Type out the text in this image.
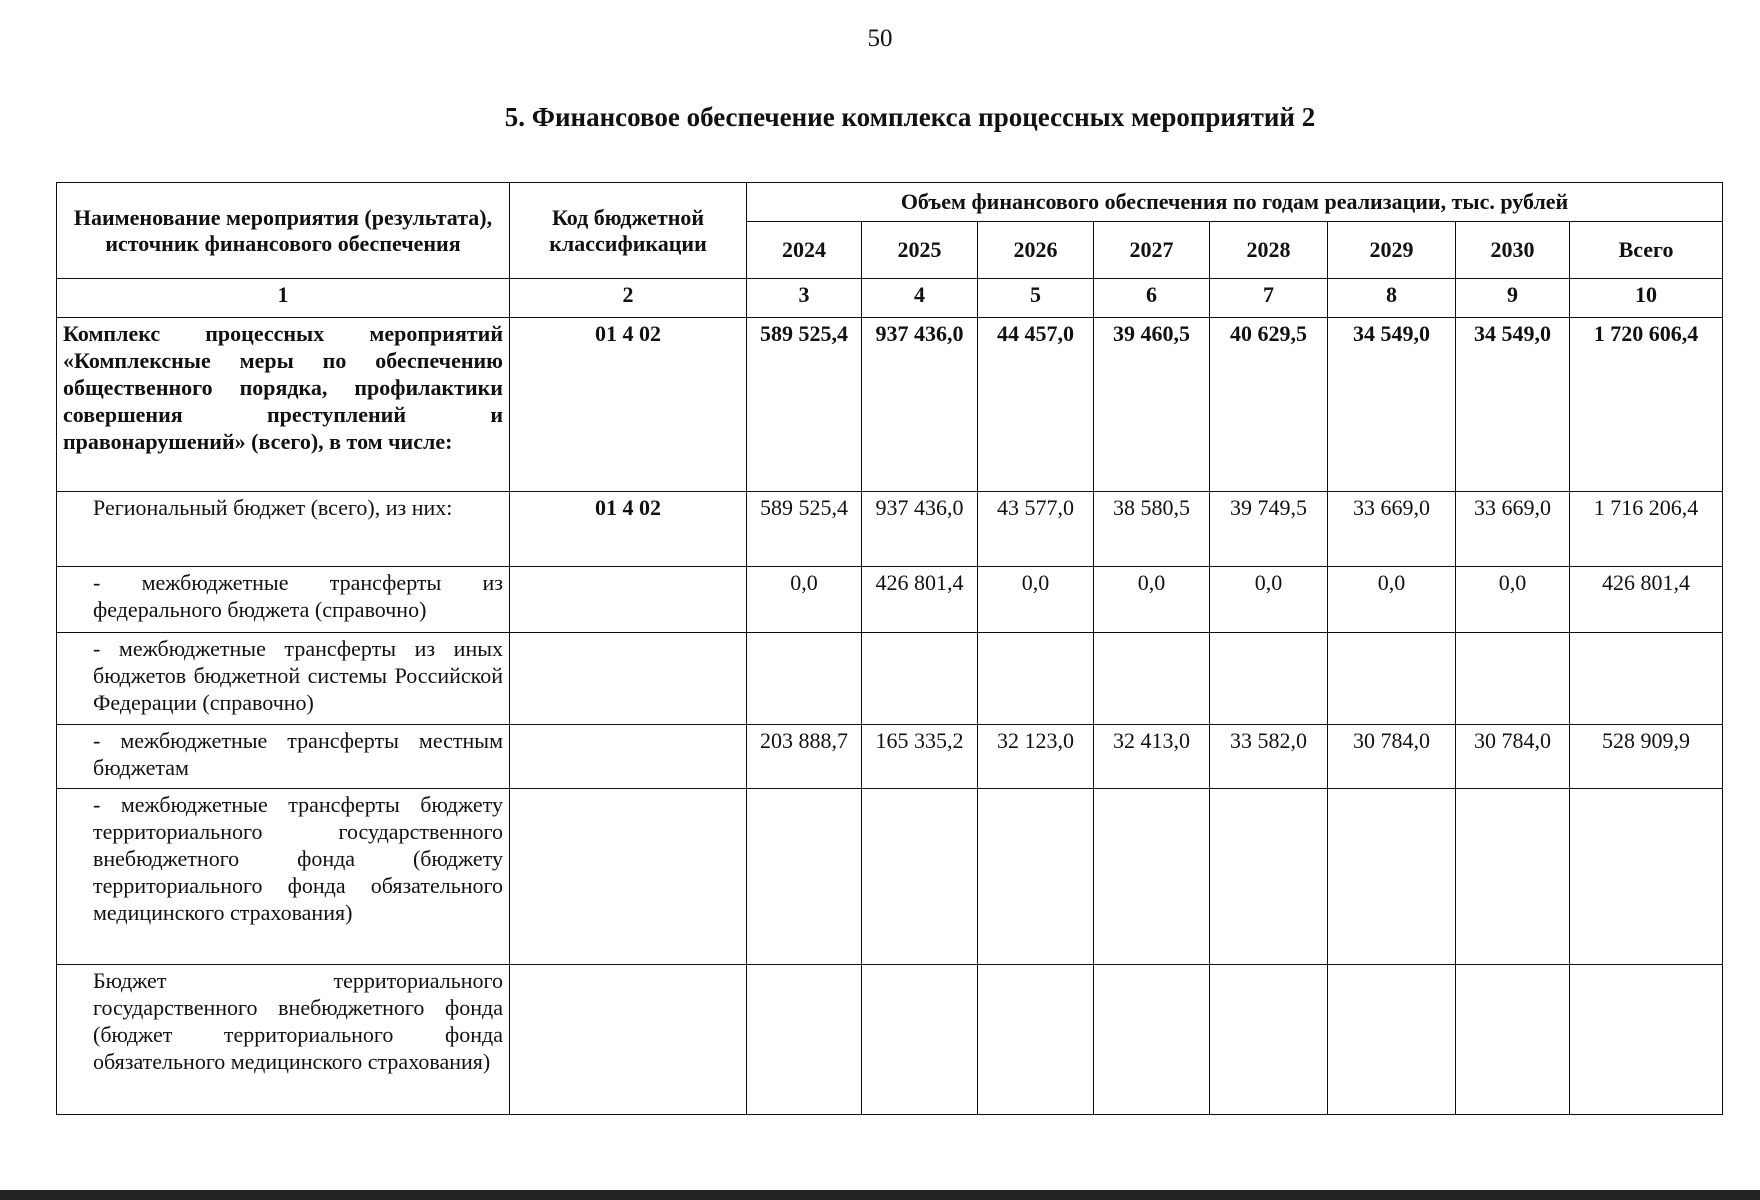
50
5. Финансовое обеспечение комплекса процессных мероприятий 2
Наименование мероприятия (результата), источник финансового обеспечения	Код бюджетной классификации	Объем финансового обеспечения по годам реализации, тыс. рублей							
		2024	2025	2026	2027	2028	2029	2030	Всего
1	2	3	4	5	6	7	8	9	10
Комплекс процессных мероприятий «Комплексные меры по обеспечению общественного порядка, профилактики совершения преступлений и правонарушений» (всего), в том числе:	01 4 02	589 525,4	937 436,0	44 457,0	39 460,5	40 629,5	34 549,0	34 549,0	1 720 606,4
Региональный бюджет (всего), из них:	01 4 02	589 525,4	937 436,0	43 577,0	38 580,5	39 749,5	33 669,0	33 669,0	1 716 206,4
- межбюджетные трансферты из федерального бюджета (справочно)		0,0	426 801,4	0,0	0,0	0,0	0,0	0,0	426 801,4
- межбюджетные трансферты из иных бюджетов бюджетной системы Российской Федерации (справочно)									
- межбюджетные трансферты местным бюджетам		203 888,7	165 335,2	32 123,0	32 413,0	33 582,0	30 784,0	30 784,0	528 909,9
- межбюджетные трансферты бюджету территориального государственного внебюджетного фонда (бюджету территориального фонда обязательного медицинского страхования)									
Бюджет территориального государственного внебюджетного фонда (бюджет территориального фонда обязательного медицинского страхования)									
